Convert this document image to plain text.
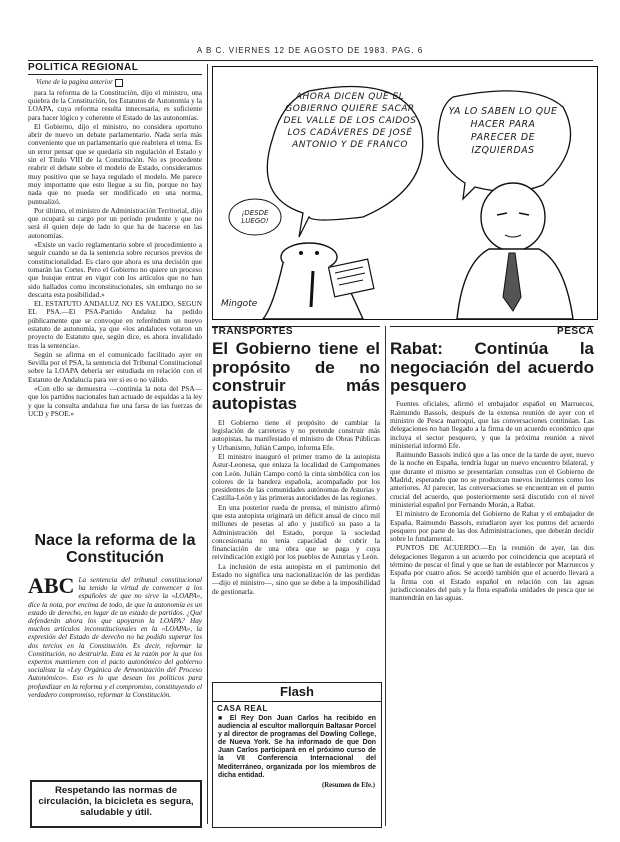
A B C. VIERNES 12 DE AGOSTO DE 1983. PAG. 6
POLITICA REGIONAL
Viene de la pagina anterior

para la reforma de la Constitución, dijo el ministro, una quiebra de la Constitución, los Estatutos de Autonomía y la LOAPA, cuya reforma resulta innecesaria, es suficiente para hacer lógico y coherente el Estado de las autonomías.

El Gobierno, dijo el ministro, no considera oportuno abrir de nuevo un debate parlamentario. Nada sería más conveniente que un parlamentario que reabriera el tema. Es un error pensar que se quedaría sin regulación el Estado y sin el Título VIII de la Constitución. No es procedente reabrir el debate sobre el modelo de Estado, consideramos muy positivo que se haya regulado el modelo. Me parece muy importante que esto llegue a su fin, porque no hay nada que no pueda ser modificado en una norma, puntualizó.

Por último, el ministro de Administración Territorial, dijo que ocupará su cargo por un período prudente y que no será él quien deje de lado lo que ha de hacerse en las autonomías.

«Existe un vacío reglamentario sobre el procedimiento a seguir cuando se da la sentencia sobre recursos previos de constitucionalidad. Es claro que ahora es una decisión que tomarán las Cortes. Pero el Gobierno no quiere un proceso que busque entrar en vigor con los artículos que no han sido hallados como inconstitucionales, sin embargo no se descarta esta posibilidad.»

EL ESTATUTO ANDALUZ NO ES VALIDO, SEGUN EL PSA.—El PSA-Partido Andaluz ha pedido públicamente que se convoque en referéndum un nuevo estatuto de autonomía, ya que «los andaluces votaron un proyecto de Estatuto que, según dice, es ahora invalidado tras la sentencia».

Según se afirma en el comunicado facilitado ayer en Sevilla por el PSA, la sentencia del Tribunal Constitucional sobre la LOAPA debería ser estudiada en relación con el Estatuto de Andalucía para ver si es o no válido.

«Con ello se demuestra —continúa la nota del PSA— que los partidos nacionales han actuado de espaldas a la ley y que la consulta andaluza fue una farsa de las fuerzas de UCD y PSOE.»

Nace la reforma de la
Constitución
ABC La sentencia del tribunal constitucional ha tenido la virtud de convencer a los españoles de que no sirve la «LOAPA», dice la nota, por encima de todo, de que la autonomía es un estado de derecho, en lugar de un estado de partidos. ¿Qué defenderán ahora los que apoyaron la LOAPA? Hay muchos artículos inconstitucionales en la «LOAPA», la expresión del Estado de derecho no ha podido superar los dos tercios en la Constitución. Es decir, reformar la Constitución, no destruirla. Esta es la razón por la que los expertos mantienen con el pacto autonómico del gobierno socialista la «Ley Orgánica de Armonización del Proceso Autonómico». Eso es lo que desean los políticos para profundizar en la reforma y el compromiso, constituyendo el verdadero compromiso, reformar la Constitución.
Respetando las normas de circulación, la bicicleta es segura, saludable y útil.
AHORA DICEN QUE EL GOBIERNO QUIERE SACAR DEL VALLE DE LOS CAIDOS LOS CADÁVERES DE JOSÉ ANTONIO Y DE FRANCO
YA LO SABEN LO QUE HACER PARA PARECER DE IZQUIERDAS
¡DESDE LUEGO!
Mingote
TRANSPORTES
El Gobierno tiene el propósito de no construir más autopistas

El Gobierno tiene el propósito de cambiar la legislación de carreteras y no pretende construir más autopistas, ha manifestado el ministro de Obras Públicas y Urbanismo, Julián Campo, informa Efe.

El ministro inauguró el primer tramo de la autopista Astur-Leonesa, que enlaza la localidad de Campomanes con León. Julián Campo cortó la cinta simbólica con los colores de la bandera española, acompañado por los presidentes de las comunidades autónomas de Asturias y Castilla-León y las primeras autoridades de las regiones.

En una posterior rueda de prensa, el ministro afirmó que esta autopista originará un déficit anual de cinco mil millones de pesetas al año y justificó su paso a la Administración del Estado, porque la sociedad concesionaria no tenía capacidad de cubrir la financiación de una obra que se paga y cuya reivindicación exigió por los pueblos de Asturias y León.

La inclusión de esta autopista en el patrimonio del Estado no significa una nacionalización de las perdidas —dijo el ministro—, sino que se debe a la imposibilidad de gestionarla.

Flash
CASA REAL
■ El Rey Don Juan Carlos ha recibido en audiencia al escultor mallorquín Baltasar Porcel y al director de programas del Dowling College, de Nueva York. Se ha informado de que Don Juan Carlos participará en el próximo curso de la VII Conferencia Internacional del Mediterráneo, organizada por los miembros de dicha entidad.
(Resumen de Efe.)
PESCA
Rabat: Continúa la negociación del acuerdo pesquero

Fuentes oficiales, afirmó el embajador español en Marruecos, Raimundo Bassols, después de la extensa reunión de ayer con el ministro de Pesca marroquí, que las conversaciones continúan. Las delegaciones no han llegado a la firma de un acuerdo económico que incluya el sector pesquero, y que la próxima reunión a nivel ministerial informó Efe.

Raimundo Bassols indicó que a las once de la tarde de ayer, nuevo de la noche en España, tendría lugar un nuevo encuentro bilateral, y que durante el mismo se presentarían consultas con el Gobierno de Madrid, esperando que no se produzcan nuevos incidentes como los anteriores. Al parecer, las conversaciones se encuentran en el punto crucial del acuerdo, que posteriormente será discutido con el nivel ministerial español por Fernando Morán, a Rabat.

El ministro de Economía del Gobierno de Rabat y el embajador de España, Raimundo Bassols, estudiaron ayer los puntos del acuerdo pesquero por parte de las dos Administraciones, que deberán decidir sobre lo fundamental.

PUNTOS DE ACUERDO.—En la reunión de ayer, las dos delegaciones llegaron a un acuerdo por coincidencia que aceptará el término de pescar el final y que se han de establecer por Marruecos y España por cuatro años. Se acordó también que el acuerdo llevará a la firma con el Estado español en relación con las aguas jurisdiccionales del país y la flota española unidades de pesca que se mantendrán en las aguas.
